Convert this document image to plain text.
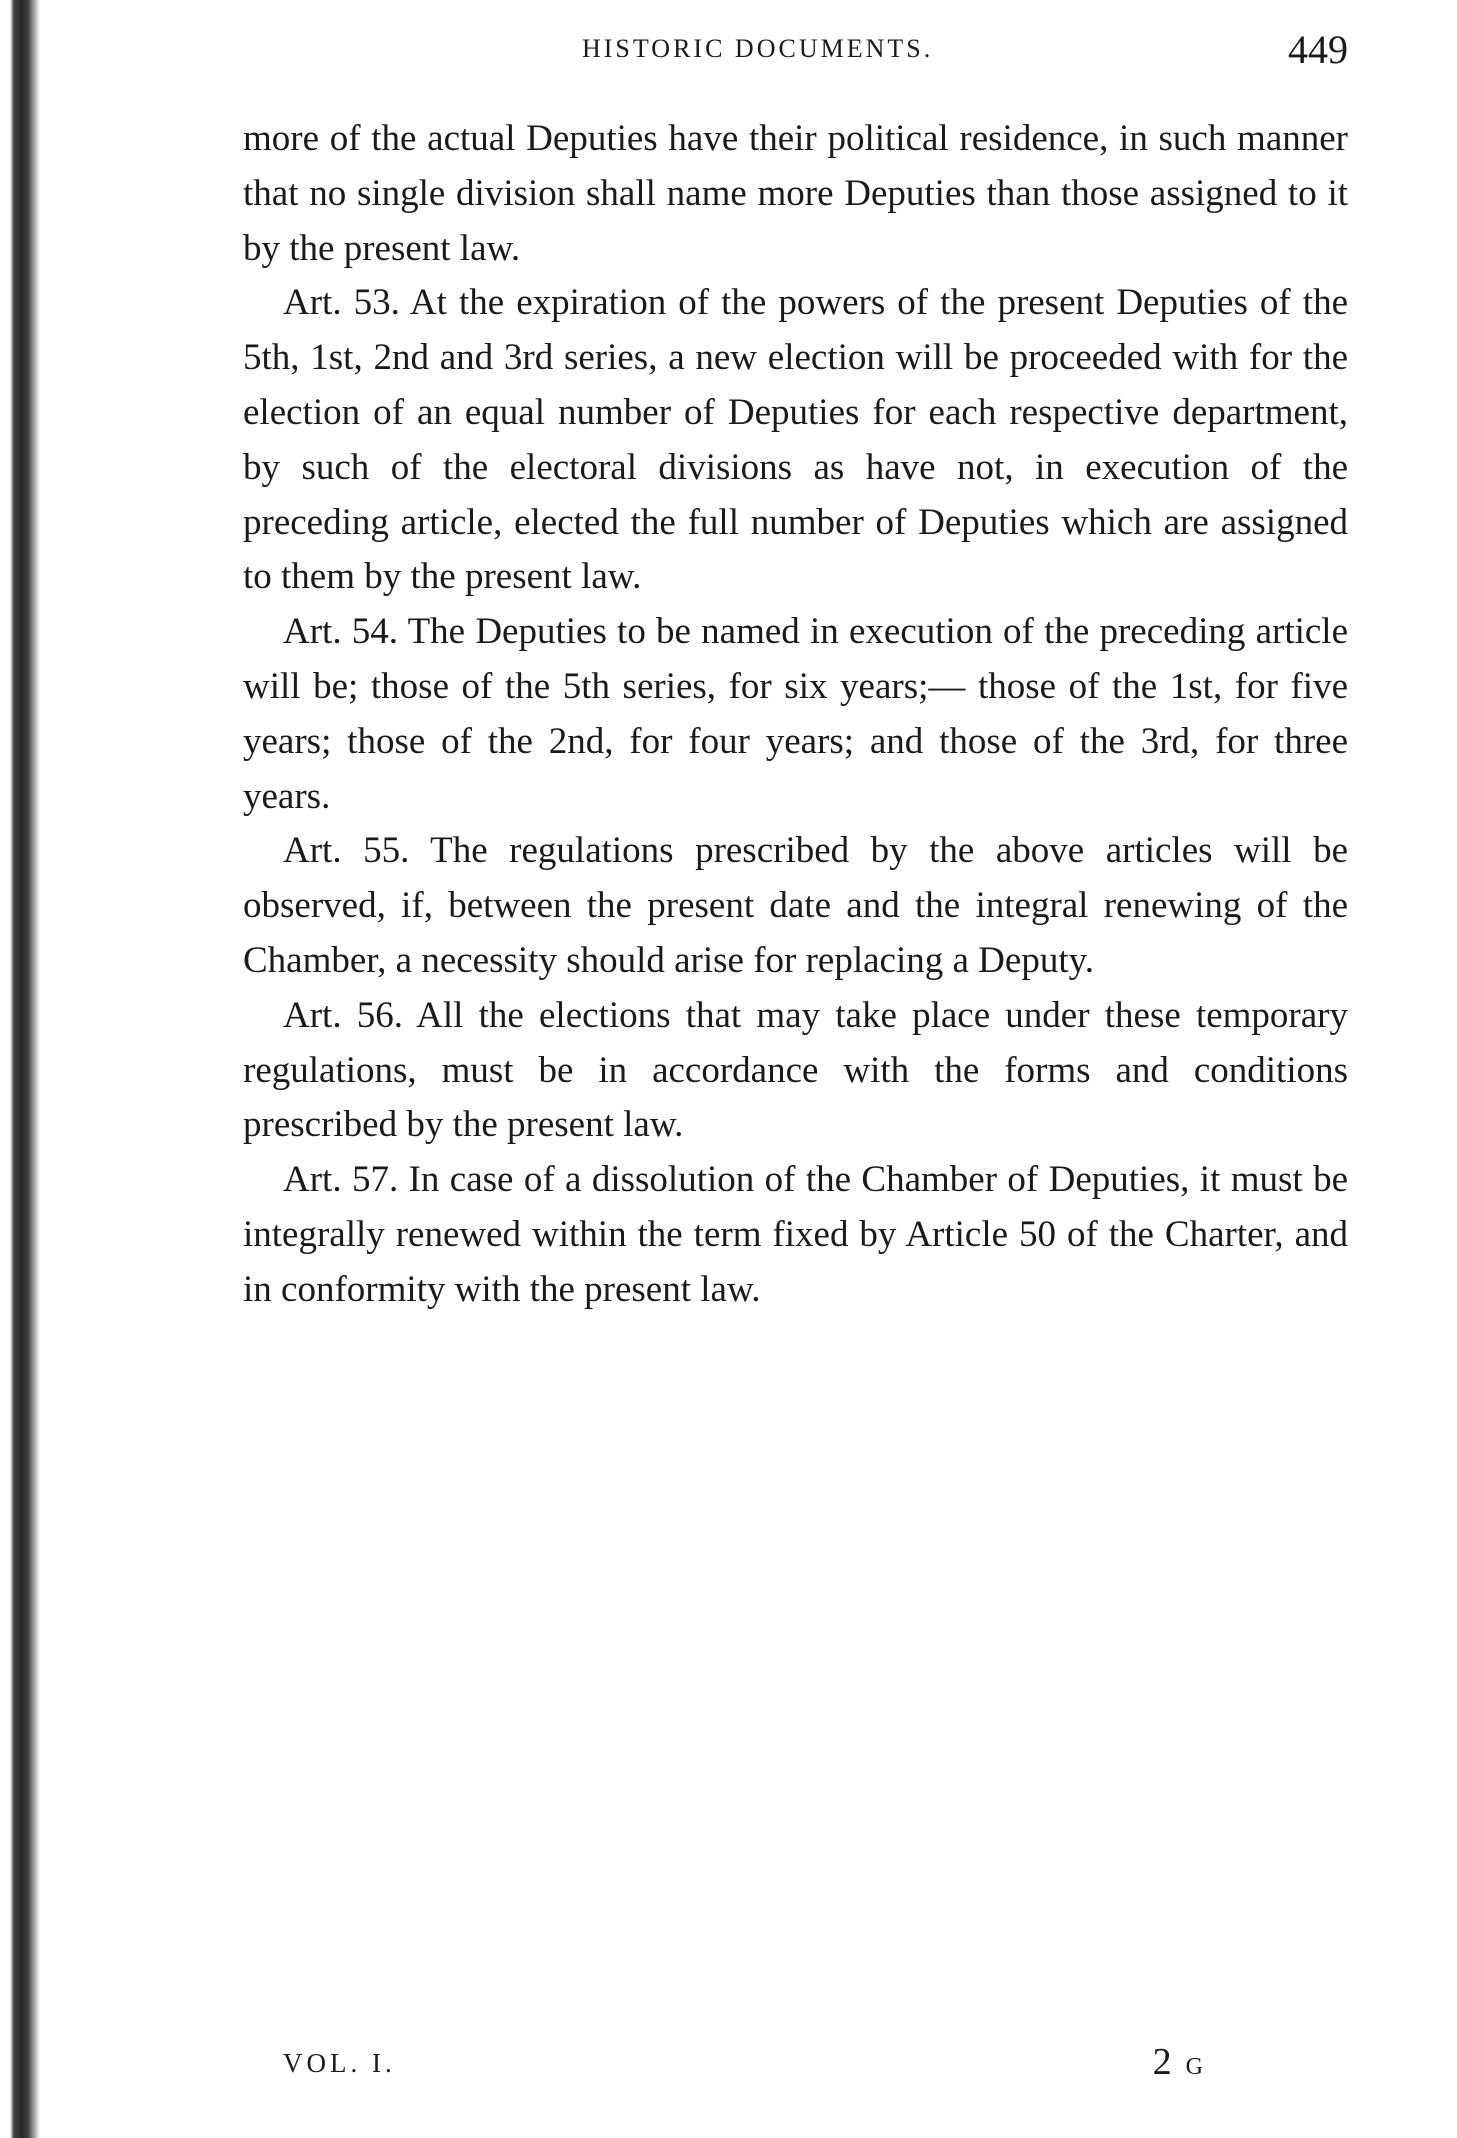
HISTORIC DOCUMENTS.	449

more of the actual Deputies have their political residence, in such manner that no single division shall name more Deputies than those assigned to it by the present law.

Art. 53. At the expiration of the powers of the present Deputies of the 5th, 1st, 2nd and 3rd series, a new election will be proceeded with for the election of an equal number of Deputies for each respective department, by such of the electoral divisions as have not, in execution of the preceding article, elected the full number of Deputies which are assigned to them by the present law.

Art. 54. The Deputies to be named in execution of the preceding article will be; those of the 5th series, for six years;— those of the 1st, for five years; those of the 2nd, for four years; and those of the 3rd, for three years.

Art. 55. The regulations prescribed by the above articles will be observed, if, between the present date and the integral renewing of the Chamber, a necessity should arise for replacing a Deputy.

Art. 56. All the elections that may take place under these temporary regulations, must be in accordance with the forms and conditions prescribed by the present law.

Art. 57. In case of a dissolution of the Chamber of Deputies, it must be integrally renewed within the term fixed by Article 50 of the Charter, and in conformity with the present law.

VOL. I.	2 G
